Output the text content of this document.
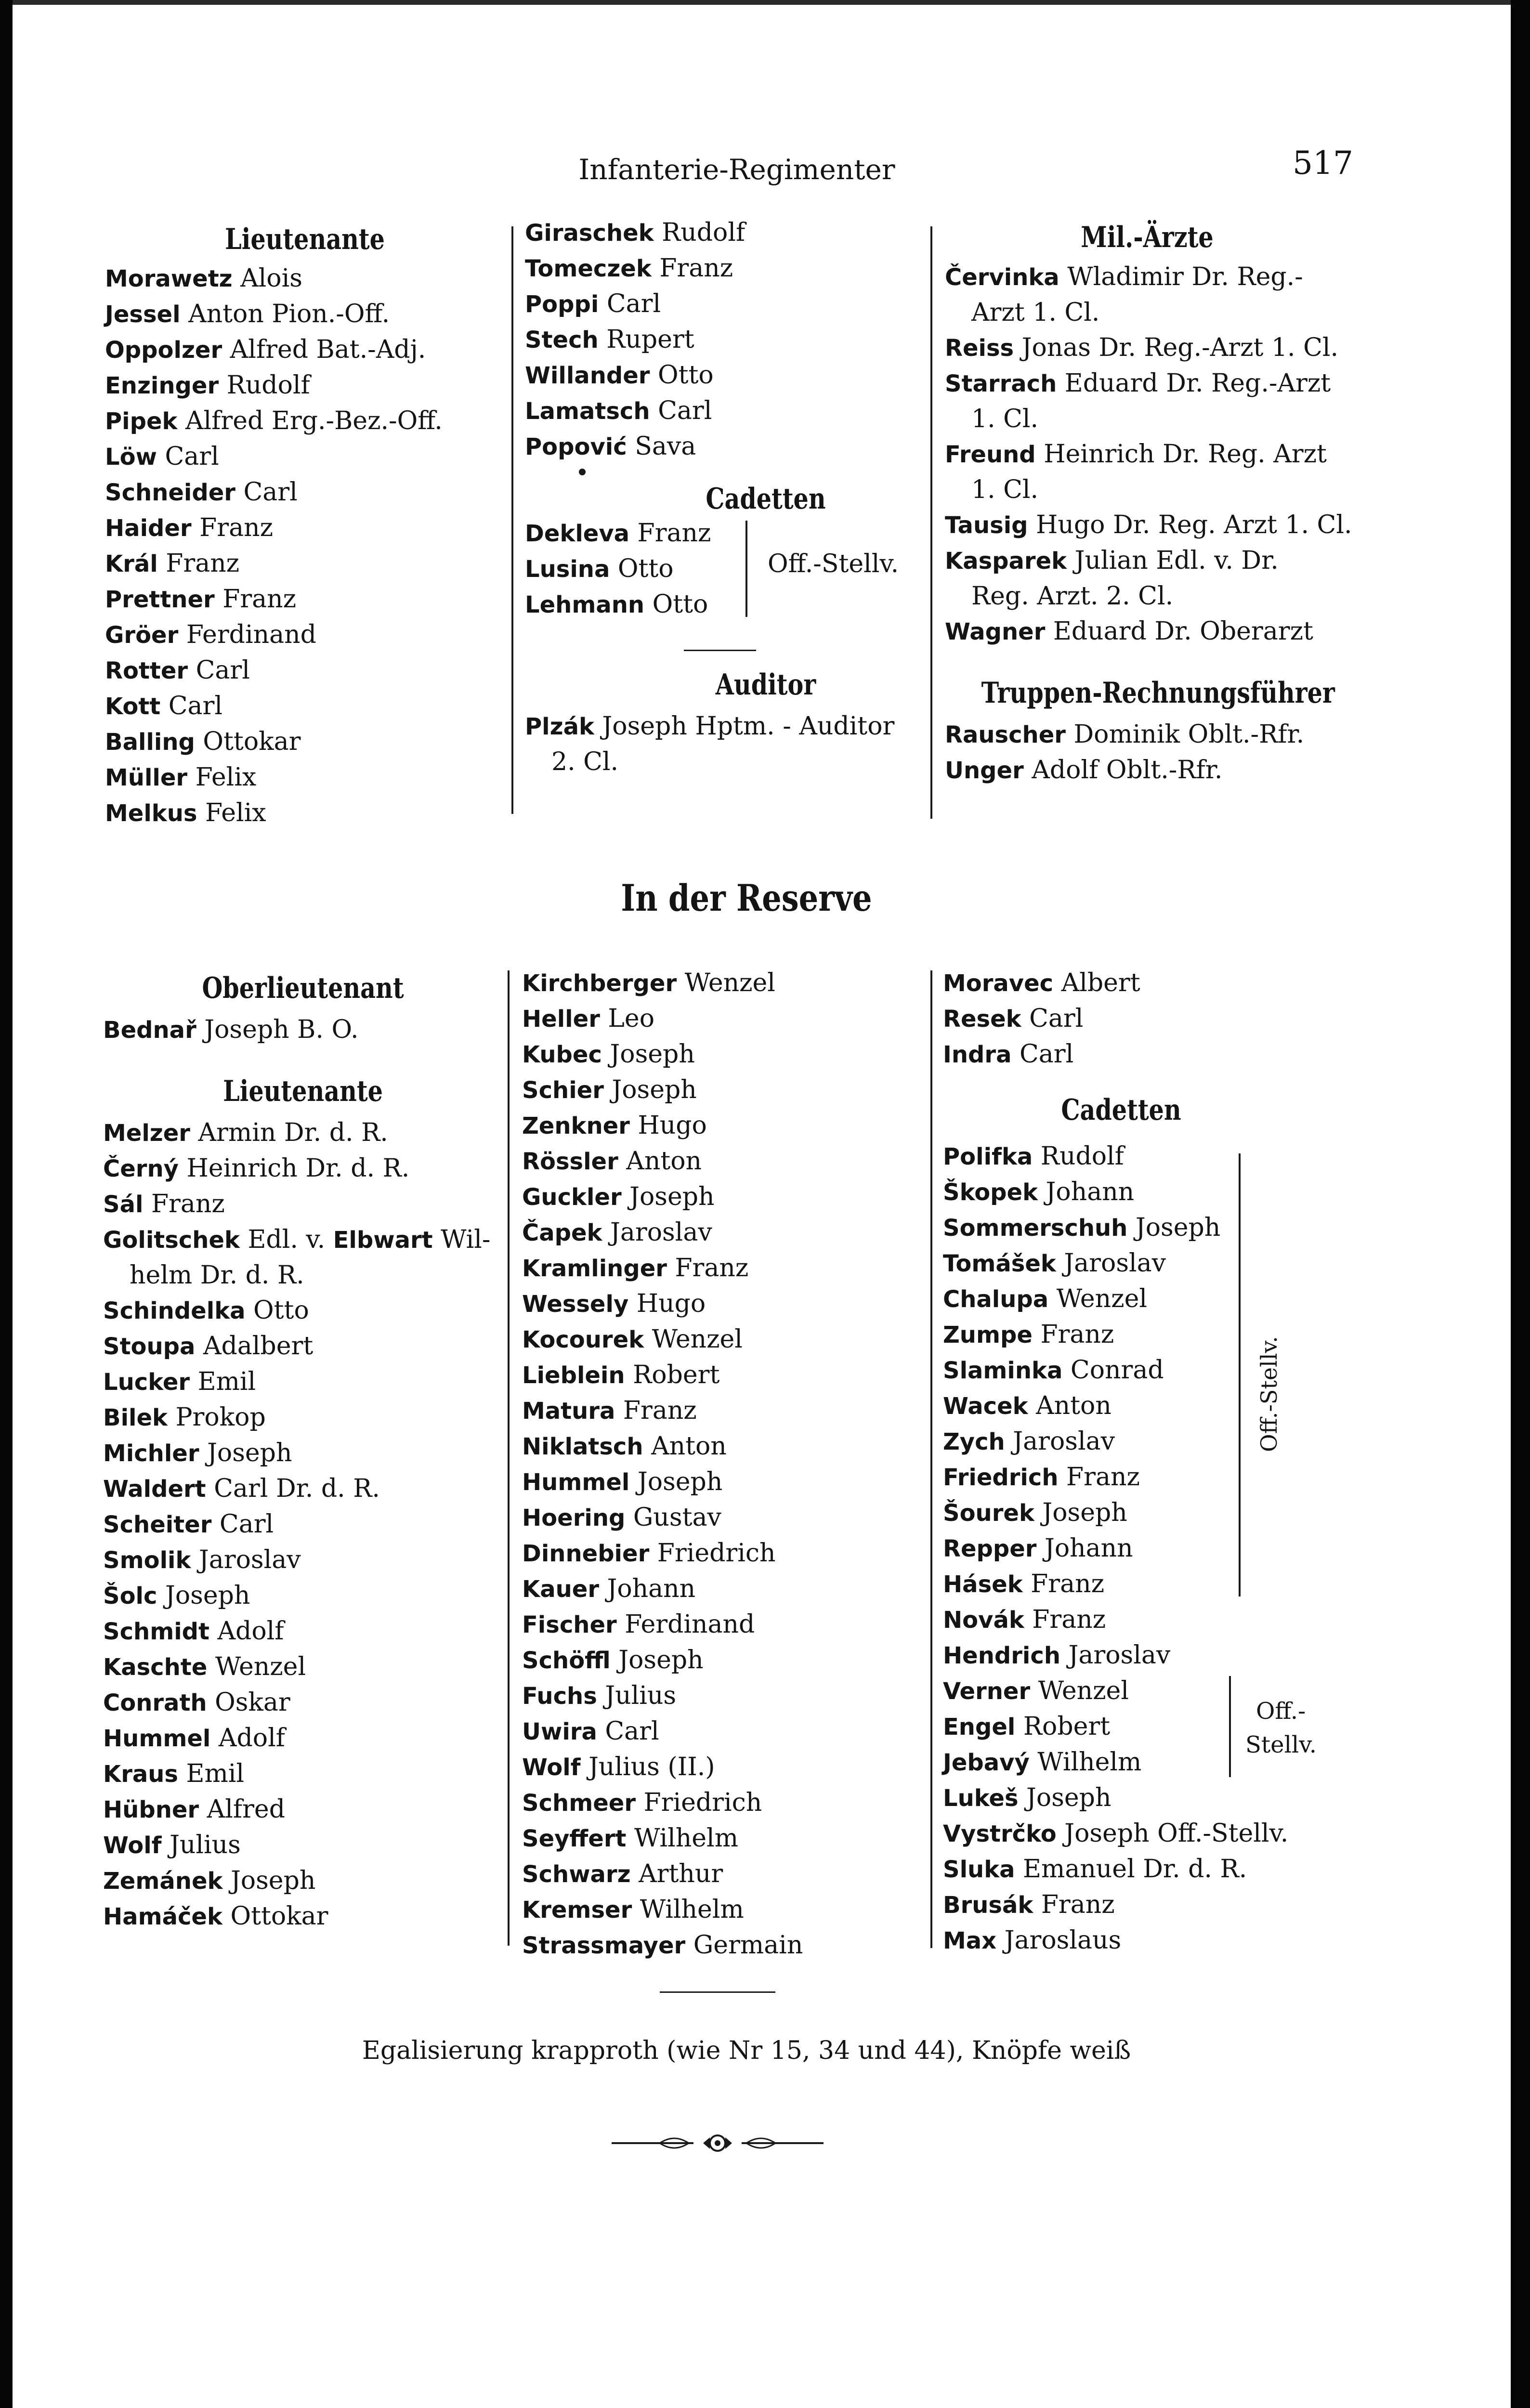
Infanterie-Regimenter	517
Lieutenante
Morawetz Alois
Jessel Anton Pion.-Off.
Oppolzer Alfred Bat.-Adj.
Enzinger Rudolf
Pipek Alfred Erg.-Bez.-Off.
Löw Carl
Schneider Carl
Haider Franz
Král Franz
Prettner Franz
Gröer Ferdinand
Rotter Carl
Kott Carl
Balling Ottokar
Müller Felix
Melkus Felix
Giraschek Rudolf
Tomeczek Franz
Poppi Carl
Stech Rupert
Willander Otto
Lamatsch Carl
Popović Sava
Cadetten
Dekleva Franz
Lusina Otto
Lehmann Otto
Off.-Stellv.
Auditor
Plzák Joseph Hptm. - Auditor
2. Cl.
Mil.-Ärzte
Červinka Wladimir Dr. Reg.-
Arzt 1. Cl.
Reiss Jonas Dr. Reg.-Arzt 1. Cl.
Starrach Eduard Dr. Reg.-Arzt
1. Cl.
Freund Heinrich Dr. Reg. Arzt
1. Cl.
Tausig Hugo Dr. Reg. Arzt 1. Cl.
Kasparek Julian Edl. v. Dr.
Reg. Arzt. 2. Cl.
Wagner Eduard Dr. Oberarzt
Truppen-Rechnungsführer
Rauscher Dominik Oblt.-Rfr.
Unger Adolf Oblt.-Rfr.
In der Reserve
Oberlieutenant
Bednař Joseph B. O.
Lieutenante
Melzer Armin Dr. d. R.
Černý Heinrich Dr. d. R.
Sál Franz
Golitschek Edl. v. Elbwart Wil-
helm Dr. d. R.
Schindelka Otto
Stoupa Adalbert
Lucker Emil
Bilek Prokop
Michler Joseph
Waldert Carl Dr. d. R.
Scheiter Carl
Smolik Jaroslav
Šolc Joseph
Schmidt Adolf
Kaschte Wenzel
Conrath Oskar
Hummel Adolf
Kraus Emil
Hübner Alfred
Wolf Julius
Zemánek Joseph
Hamáček Ottokar
Kirchberger Wenzel
Heller Leo
Kubec Joseph
Schier Joseph
Zenkner Hugo
Rössler Anton
Guckler Joseph
Čapek Jaroslav
Kramlinger Franz
Wessely Hugo
Kocourek Wenzel
Lieblein Robert
Matura Franz
Niklatsch Anton
Hummel Joseph
Hoering Gustav
Dinnebier Friedrich
Kauer Johann
Fischer Ferdinand
Schöffl Joseph
Fuchs Julius
Uwira Carl
Wolf Julius (II.)
Schmeer Friedrich
Seyffert Wilhelm
Schwarz Arthur
Kremser Wilhelm
Strassmayer Germain
Moravec Albert
Resek Carl
Indra Carl
Cadetten
Polifka Rudolf
Škopek Johann
Sommerschuh Joseph
Tomášek Jaroslav
Chalupa Wenzel
Zumpe Franz
Slaminka Conrad
Wacek Anton
Zych Jaroslav
Friedrich Franz
Šourek Joseph
Repper Johann
Hásek Franz
Novák Franz
Hendrich Jaroslav
Verner Wenzel
Engel Robert
Jebavý Wilhelm
Lukeš Joseph
Vystrčko Joseph Off.-Stellv.
Sluka Emanuel Dr. d. R.
Brusák Franz
Max Jaroslaus
Off.-Stellv.
Off.-
Stellv.
Egalisierung krapproth (wie Nr 15, 34 und 44), Knöpfe weiß
